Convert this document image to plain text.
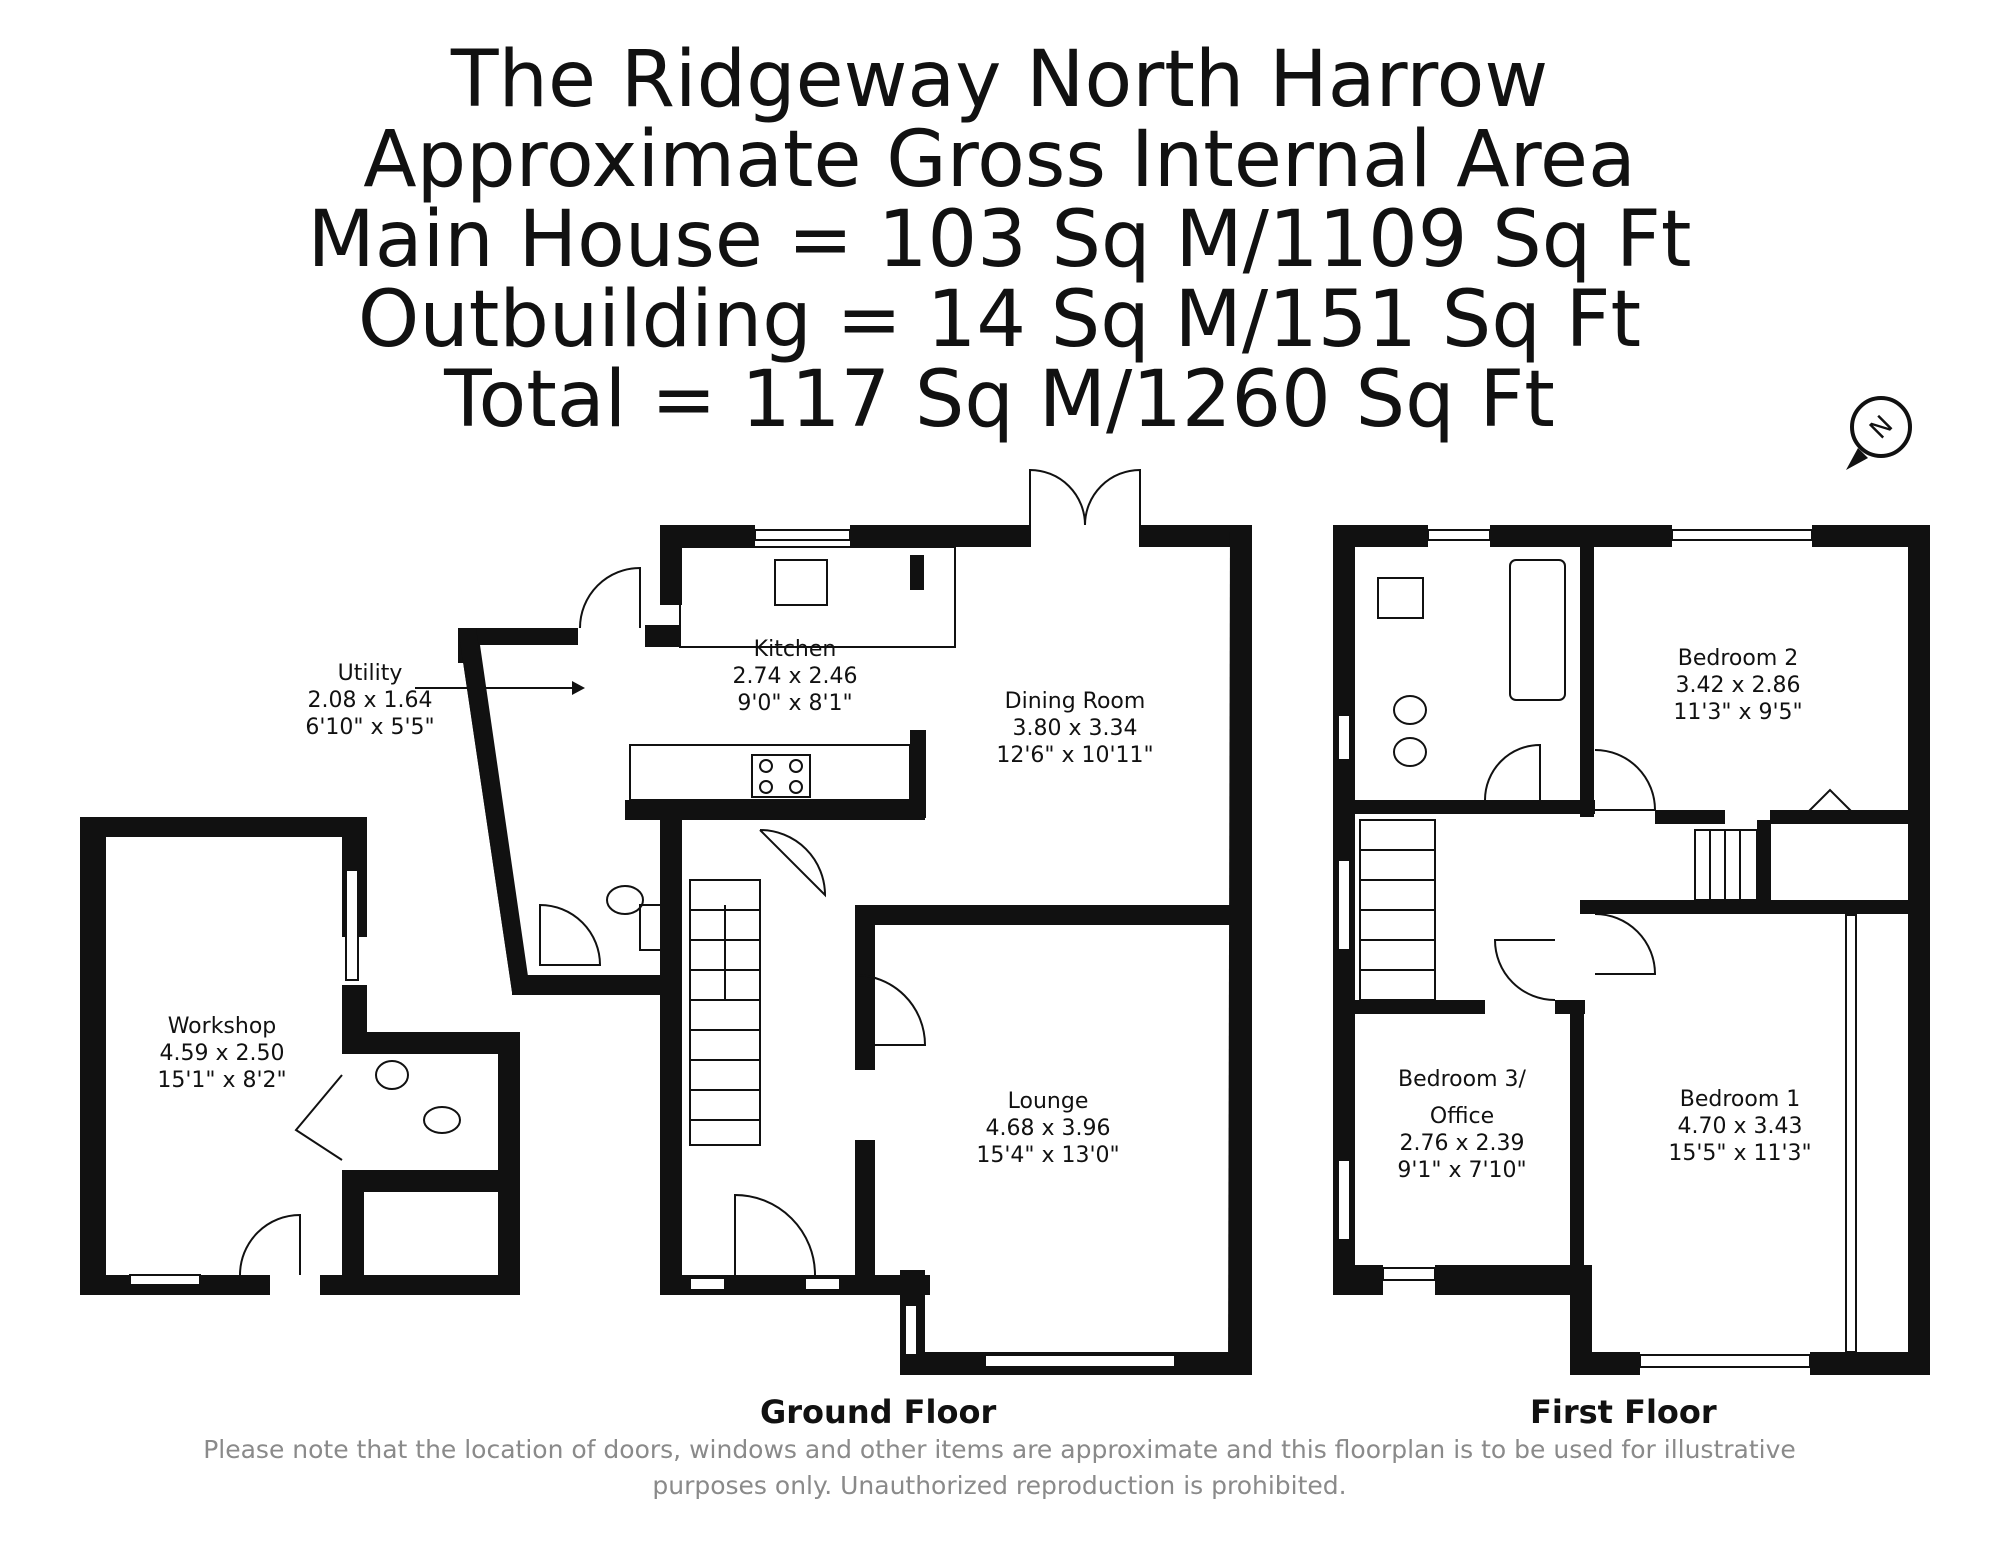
The Ridgeway North Harrow
Approximate Gross Internal Area
Main House = 103 Sq M/1109 Sq Ft
Outbuilding = 14 Sq M/151 Sq Ft
Total = 117 Sq M/1260 Sq Ft	N
Utility
2.08 x 1.64
6'10" x 5'5"
Kitchen
2.74 x 2.46
9'0" x 8'1"	Dining Room
3.80 x 3.34
12'6" x 10'11"
Workshop
4.59 x 2.50
15'1" x 8'2"
Lounge
4.68 x 3.96
15'4" x 13'0"
Bedroom 2
3.42 x 2.86
11'3" x 9'5"
Bedroom 3/
Office
2.76 x 2.39
9'1" x 7'10"
Bedroom 1
4.70 x 3.43
15'5" x 11'3"
Ground Floor	First Floor
Please note that the location of doors, windows and other items are approximate and this floorplan is to be used for illustrative
purposes only. Unauthorized reproduction is prohibited.
